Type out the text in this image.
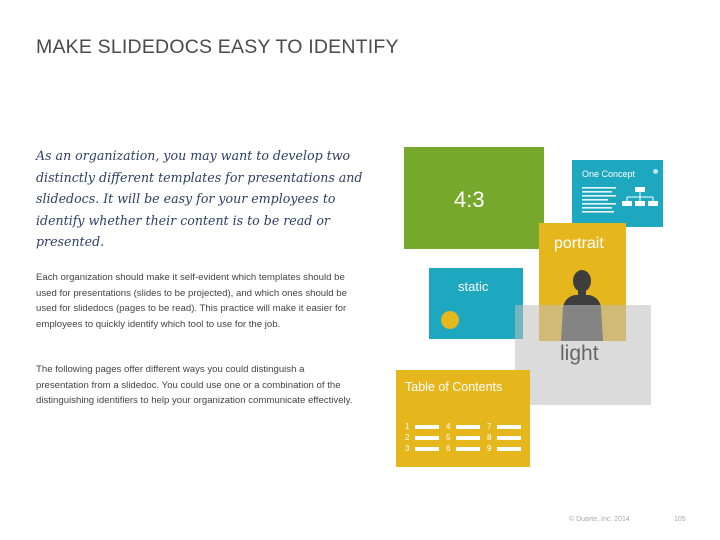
MAKE SLIDEDOCS EASY TO IDENTIFY

As an organization, you may want to develop two distinctly different templates for presentations and slidedocs. It will be easy for your employees to identify whether their content is to be read or presented.

Each organization should make it self-evident which templates should be used for presentations (slides to be projected), and which ones should be used for slidedocs (pages to be read). This practice will make it easier for employees to quickly identify which tool to use for the job.

The following pages offer different ways you could distinguish a presentation from a slidedoc. You could use one or a combination of the distinguishing identifiers to help your organization communicate effectively.

4:3
One Concept
portrait
static
light
Table of Contents
1
2
3
4
5
6
7
8
9
© Duarte, Inc. 2014	105
